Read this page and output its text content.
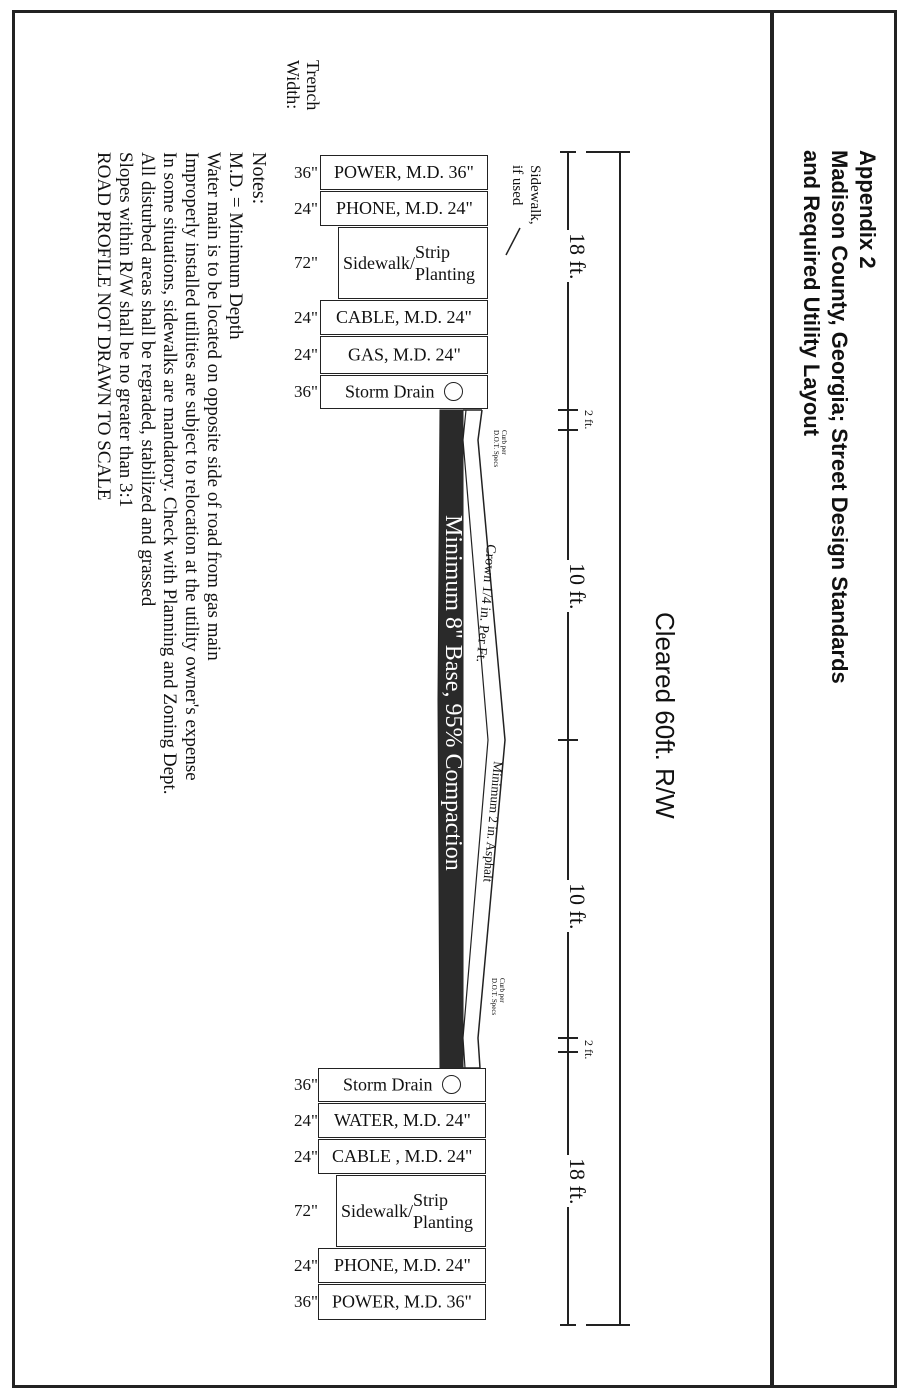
Appendix 2
Madison County, Georgia; Street Design Standards
and Required Utility Layout
Cleared 60ft. R/W
18 ft.
2 ft.
10 ft.
10 ft.
2 ft.
18 ft.
Sidewalk,
if used
Minimum 8" Base, 95% Compaction Crown 1/4 in. Per Ft.
Minimum 2 in. Asphalt
Curb per
D.O.T. Specs
Curb per
D.O.T. Specs
POWER, M.D. 36"
36"
PHONE, M.D. 24"
24"
Sidewalk/
Planting Strip
72"
CABLE, M.D. 24"
24"
GAS, M.D. 24"
24"
Storm Drain
36"
Storm Drain
36"
WATER, M.D. 24"
24"
CABLE , M.D. 24"
24"
Sidewalk/
Planting Strip
72"
PHONE, M.D. 24"
24"
POWER, M.D. 36"
36"
Trench
Width:
Notes:
M.D. = Minimum Depth
Water main is to be located on opposite side of road from gas main
Improperly installed utilities are subject to relocation at the utility owner's expense
In some situations, sidewalks are mandatory. Check with Planning and Zoning Dept.
All disturbed areas shall be regraded, stabilized and grassed
Slopes within R/W shall be no greater than 3:1
ROAD PROFILE NOT DRAWN TO SCALE
